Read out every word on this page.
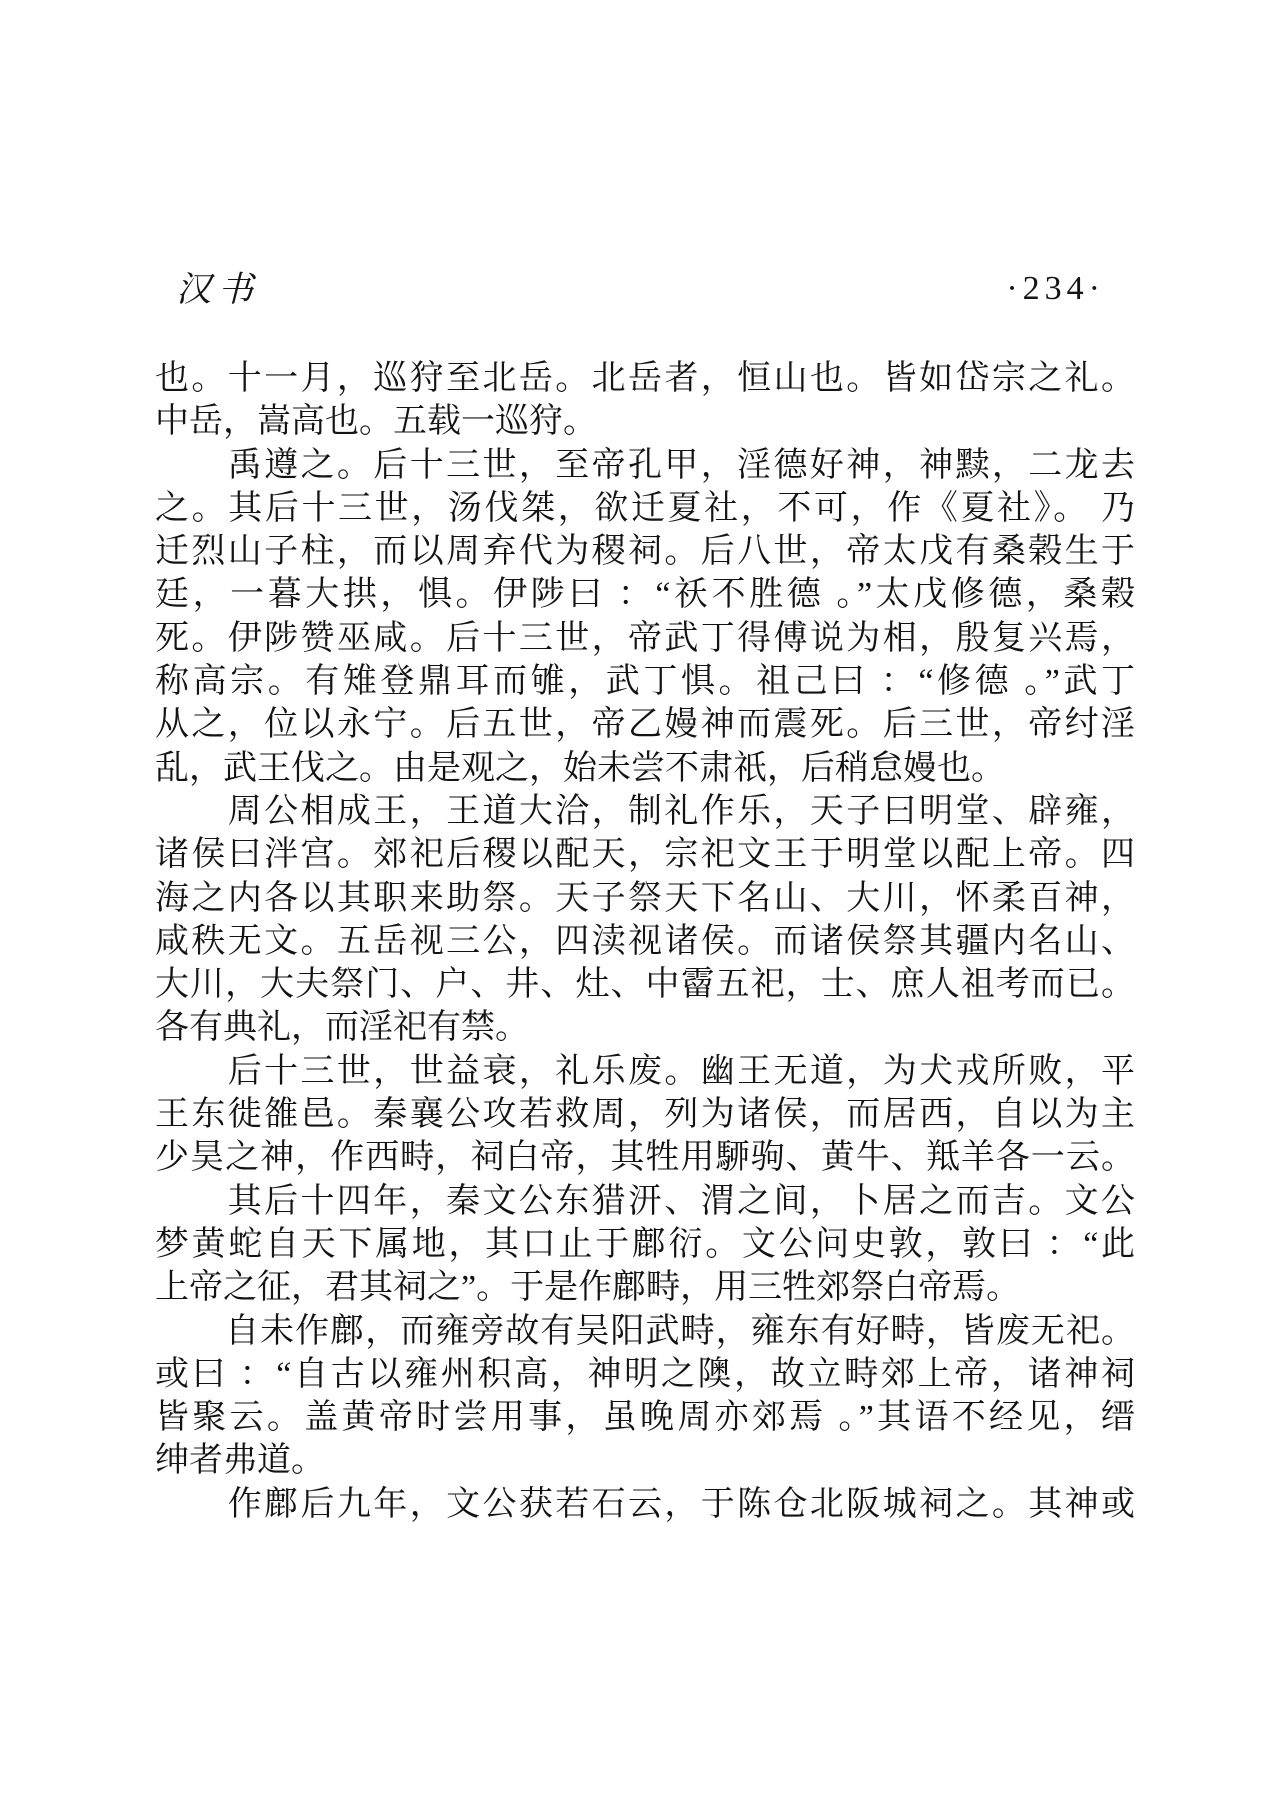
汉书	·234·
也。十一月，巡狩至北岳。北岳者，恒山也。皆如岱宗之礼。
中岳，嵩高也。五载一巡狩。
　　禹遵之。后十三世，至帝孔甲，淫德好神，神黩，二龙去
之。其后十三世，汤伐桀，欲迁夏社，不可，作《夏社》。 乃
迁烈山子柱，而以周弃代为稷祠。后八世，帝太戊有桑榖生于
廷，一暮大拱，惧。伊陟曰 ：“祅不胜德 。”太戊修德，桑榖
死。伊陟赞巫咸。后十三世，帝武丁得傅说为相，殷复兴焉，
称高宗。有雉登鼎耳而雊，武丁惧。祖己曰 ：“修德 。”武丁
从之，位以永宁。后五世，帝乙嫚神而震死。后三世，帝纣淫
乱，武王伐之。由是观之，始未尝不肃祇，后稍怠嫚也。
　　周公相成王，王道大洽，制礼作乐，天子曰明堂、辟雍，
诸侯曰泮宫。郊祀后稷以配天，宗祀文王于明堂以配上帝。四
海之内各以其职来助祭。天子祭天下名山、大川，怀柔百神，
咸秩无文。五岳视三公，四渎视诸侯。而诸侯祭其疆内名山、
大川，大夫祭门、户、井、灶、中霤五祀，士、庶人祖考而已。
各有典礼，而淫祀有禁。
　　后十三世，世益衰，礼乐废。幽王无道，为犬戎所败，平
王东徙雒邑。秦襄公攻若救周，列为诸侯，而居西，自以为主
少昊之神，作西畤，祠白帝，其牲用駵驹、黄牛、羝羊各一云。
　　其后十四年，秦文公东猎汧、渭之间，卜居之而吉。文公
梦黄蛇自天下属地，其口止于鄜衍。文公问史敦，敦曰 ：“此
上帝之征，君其祠之”。于是作鄜畤，用三牲郊祭白帝焉。
　　自未作鄜，而雍旁故有吴阳武畤，雍东有好畤，皆废无祀。
或曰 ：“自古以雍州积高，神明之隩，故立畤郊上帝，诸神祠
皆聚云。盖黄帝时尝用事，虽晚周亦郊焉 。”其语不经见，缙
绅者弗道。
　　作鄜后九年，文公获若石云，于陈仓北阪城祠之。其神或
